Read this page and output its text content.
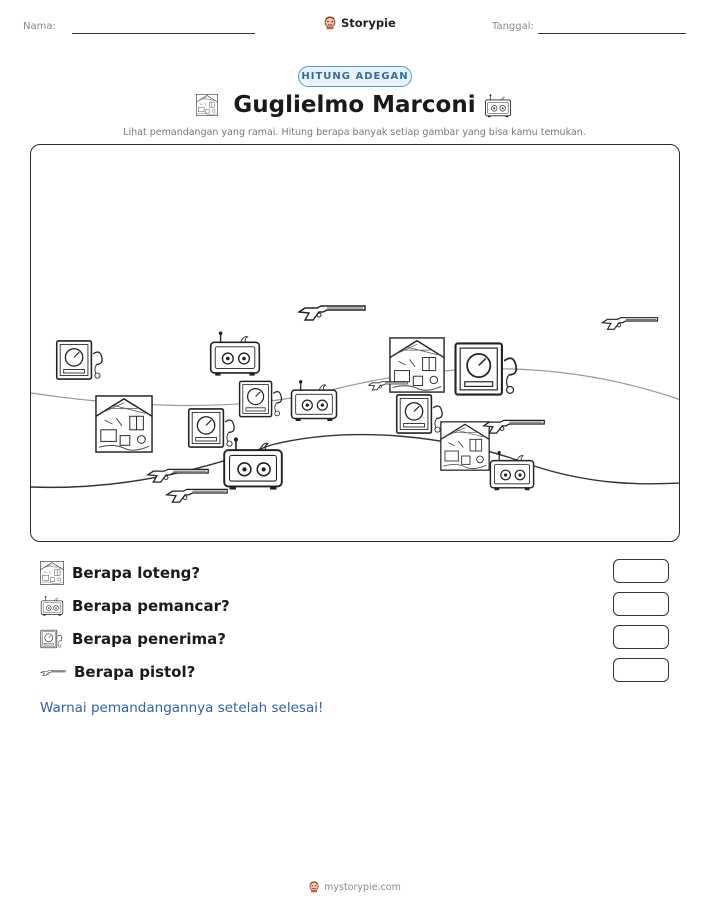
Nama:	Storypie	Tanggal:
HITUNG ADEGAN
Guglielmo Marconi
Lihat pemandangan yang ramai. Hitung berapa banyak setiap gambar yang bisa kamu temukan.
Berapa loteng?
Berapa pemancar?
Berapa penerima?
Berapa pistol?
Warnai pemandangannya setelah selesai!
mystorypie.com
